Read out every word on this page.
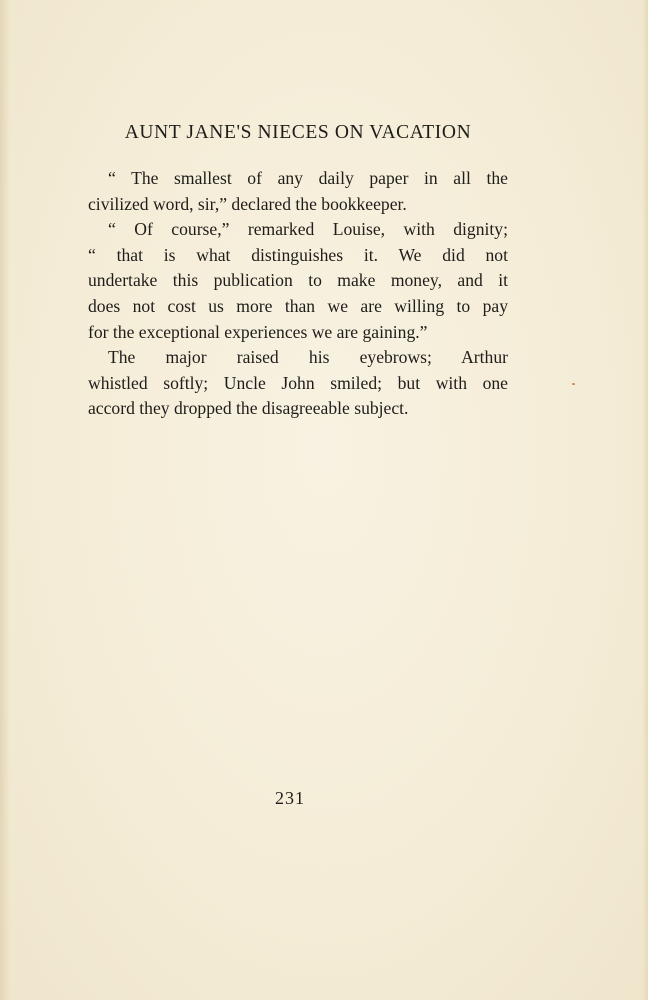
AUNT JANE'S NIECES ON VACATION

“ The smallest of any daily paper in all the
civilized word, sir,” declared the bookkeeper.

“ Of course,” remarked Louise, with dignity;
“ that is what distinguishes it. We did not
undertake this publication to make money, and it
does not cost us more than we are willing to pay
for the exceptional experiences we are gaining.”

The major raised his eyebrows; Arthur
whistled softly; Uncle John smiled; but with one
accord they dropped the disagreeable subject.

231
